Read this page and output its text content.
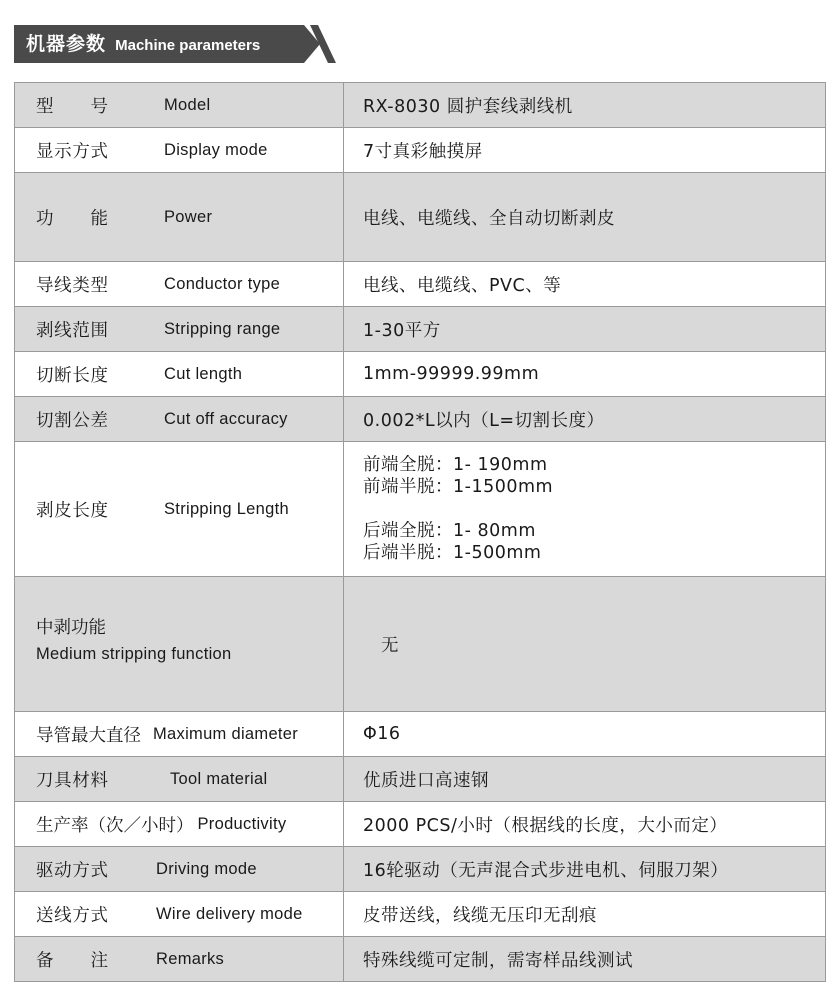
机器参数 Machine parameters
型　号	Model	RX-8030 圆护套线剥线机
显示方式	Display mode	7寸真彩触摸屏
功　能	Power	电线、电缆线、全自动切断剥皮
导线类型	Conductor type	电线、电缆线、PVC、等
剥线范围	Stripping range	1-30平方
切断长度	Cut length	1mm-99999.99mm
切割公差	Cut off accuracy	0.002*L以内（L=切割长度）
剥皮长度	Stripping Length
前端全脱：1- 190mm
前端半脱：1-1500mm
后端全脱：1- 80mm
后端半脱：1-500mm
中剥功能
Medium stripping function	无
导管最大直径 Maximum diameter	Φ16
刀具材料	Tool material	优质进口高速钢
生产率（次／小时） Productivity	2000 PCS/小时（根据线的长度，大小而定）
驱动方式	Driving mode	16轮驱动（无声混合式步进电机、伺服刀架）
送线方式	Wire delivery mode	皮带送线，线缆无压印无刮痕
备　注	Remarks	特殊线缆可定制，需寄样品线测试
